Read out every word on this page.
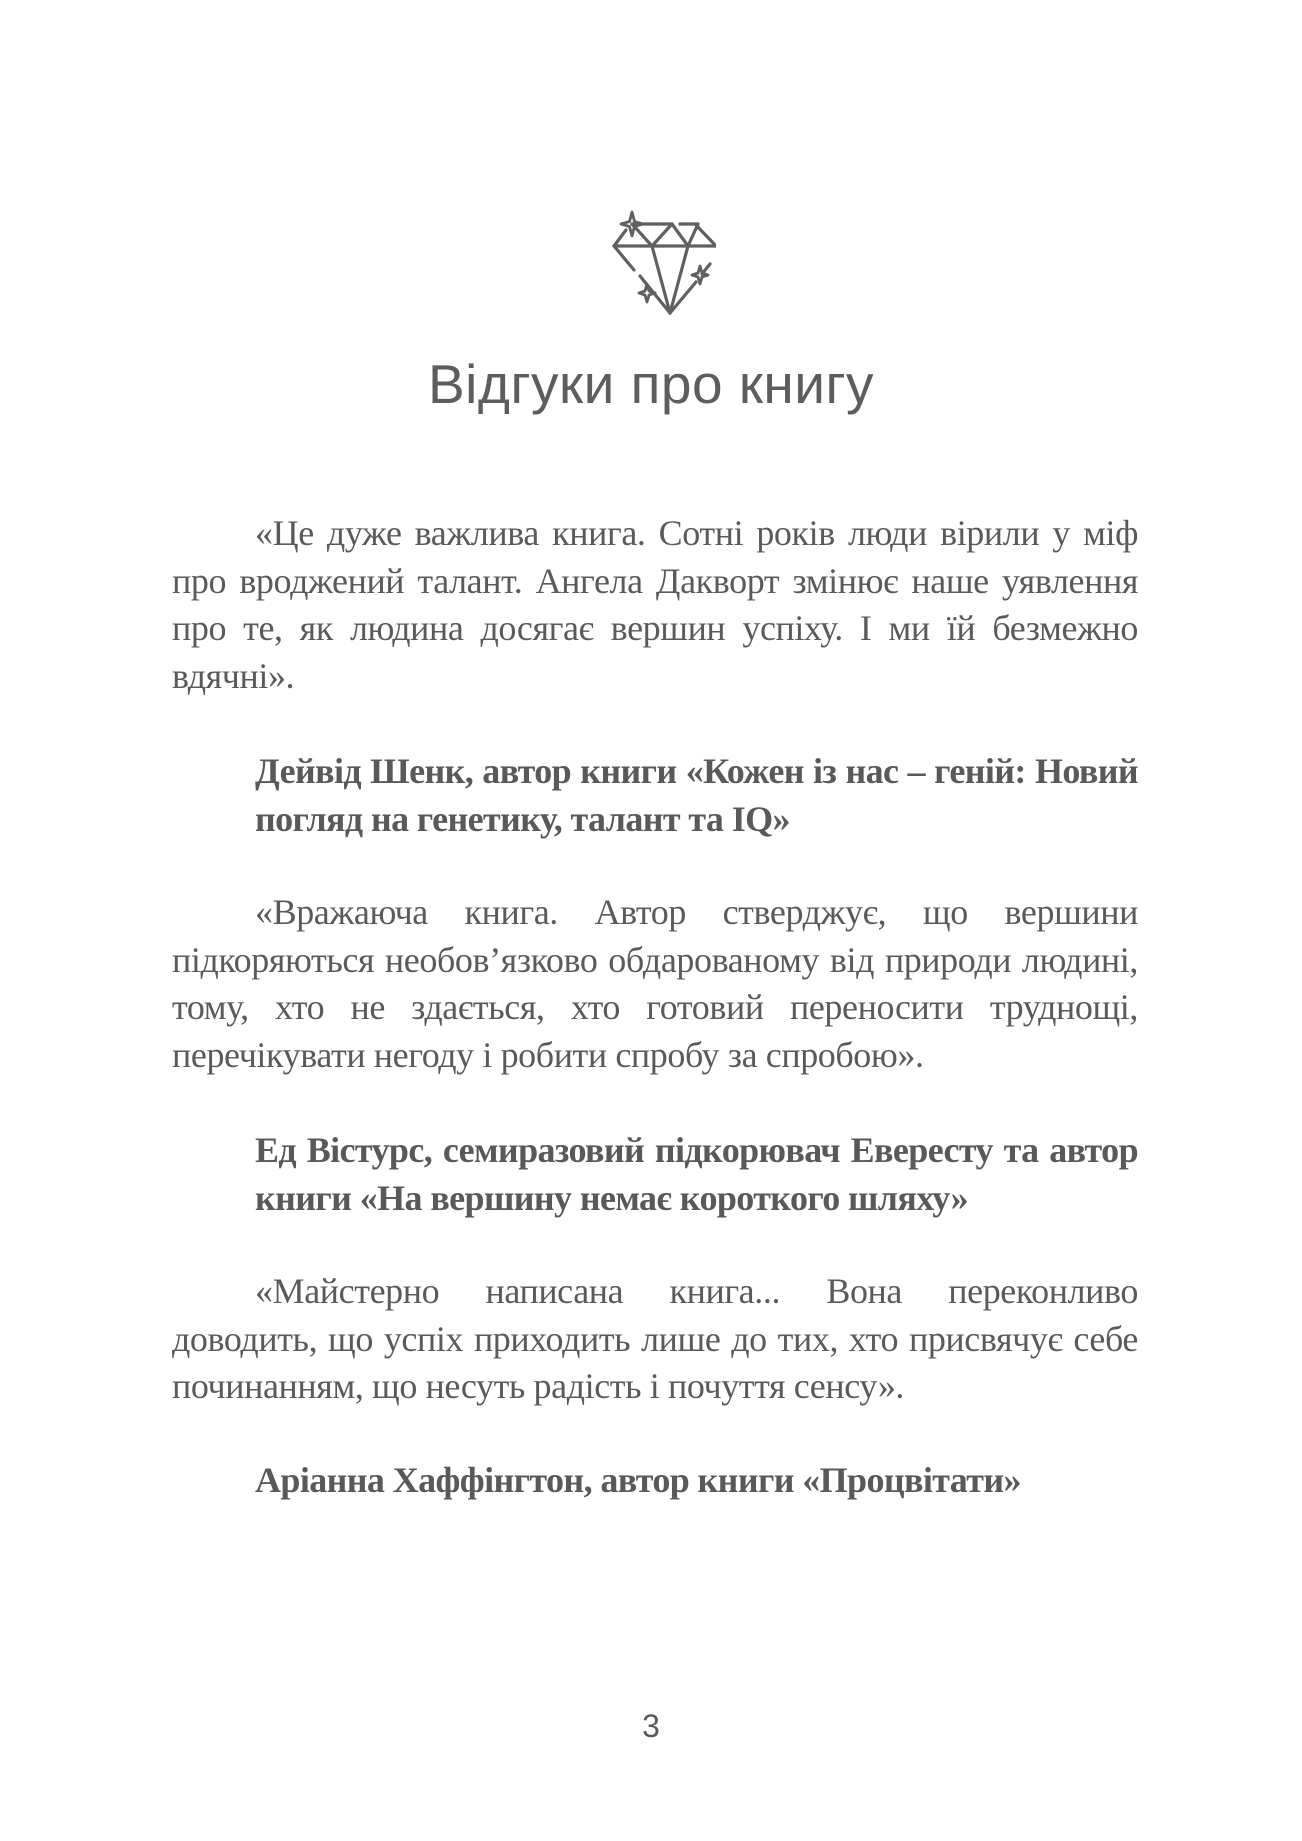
Відгуки про книгу

«Це дуже важлива книга. Сотні років люди вірили у міф про вроджений талант. Ангела Дакворт змінює наше уявлення про те, як людина досягає вершин успіху. І ми їй безмежно вдячні».

Дейвід Шенк, автор книги «Кожен із нас – геній: Новий погляд на генетику, талант та IQ»

«Вражаюча книга. Автор стверджує, що вершини підкоряються необов’язково обдарованому від природи людині, тому, хто не здається, хто готовий переносити труднощі, перечікувати негоду і робити спробу за спробою».

Ед Вістурс, семиразовий підкорювач Евересту та автор книги «На вершину немає короткого шляху»

«Майстерно написана книга... Вона переконливо доводить, що успіх приходить лише до тих, хто присвячує себе починанням, що несуть радість і почуття сенсу».

Аріанна Хаффінгтон, автор книги «Процвітати»

3
